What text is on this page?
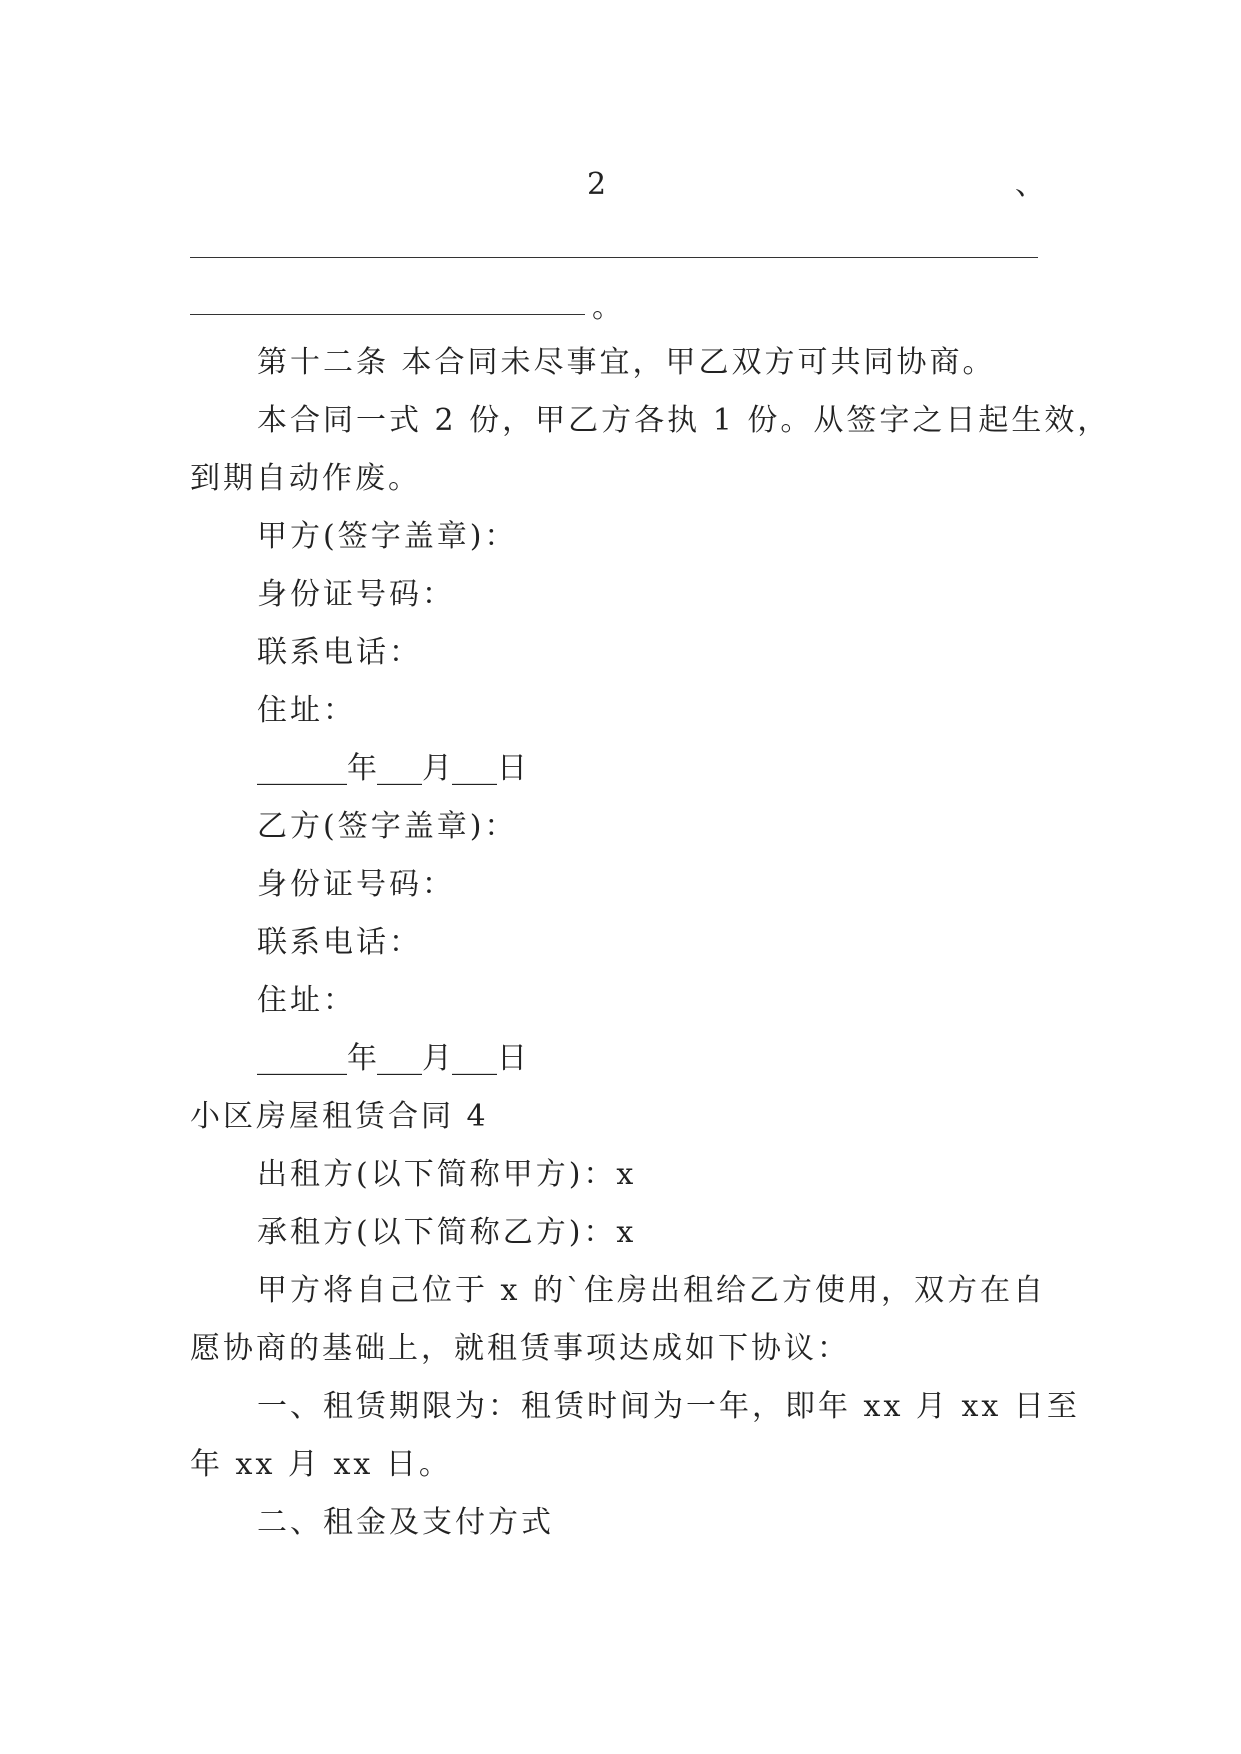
2	、
。
第十二条 本合同未尽事宜，甲乙双方可共同协商。
本合同一式 2 份，甲乙方各执 1 份。从签字之日起生效，
到期自动作废。
甲方(签字盖章)：
身份证号码：
联系电话：
住址：
______年___月___日
乙方(签字盖章)：
身份证号码：
联系电话：
住址：
______年___月___日
小区房屋租赁合同 4
出租方(以下简称甲方)：x
承租方(以下简称乙方)：x
甲方将自己位于 x 的`住房出租给乙方使用，双方在自
愿协商的基础上，就租赁事项达成如下协议：
一、租赁期限为：租赁时间为一年，即年 xx 月 xx 日至
年 xx 月 xx 日。
二、租金及支付方式
